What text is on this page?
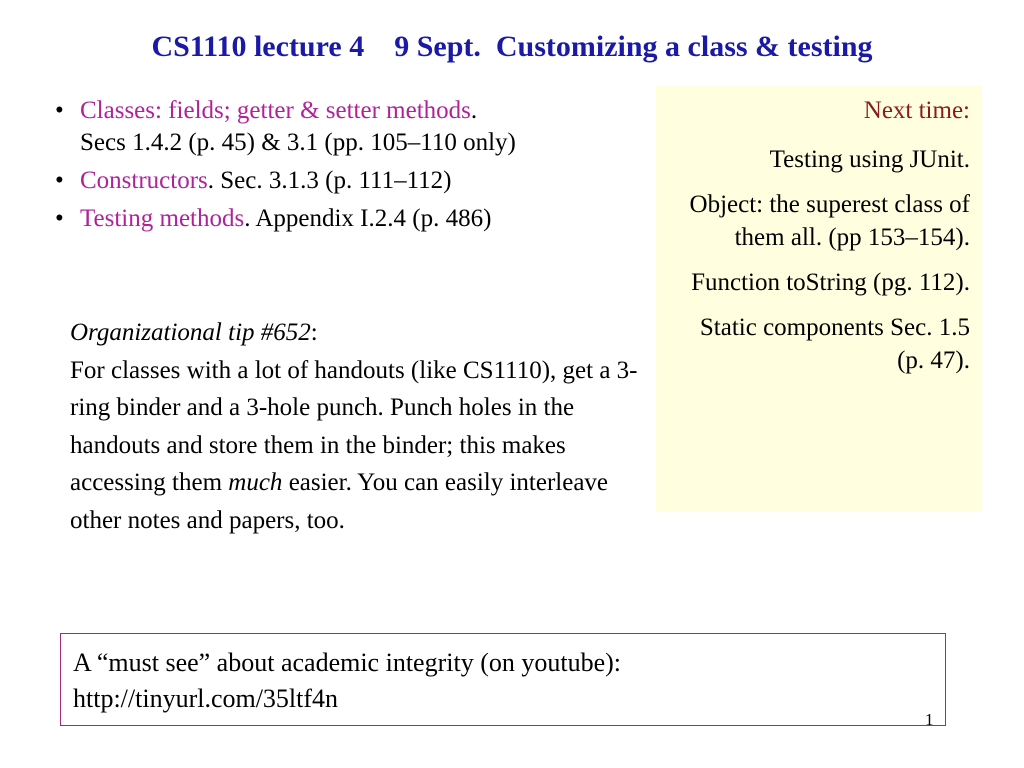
CS1110 lecture 4    9 Sept.  Customizing a class & testing
• Classes: fields; getter & setter methods.
Secs 1.4.2 (p. 45) & 3.1 (pp. 105–110 only)
• Constructors. Sec. 3.1.3 (p. 111–112)
• Testing methods. Appendix I.2.4 (p. 486)
Organizational tip #652:
For classes with a lot of handouts (like CS1110), get a 3-ring binder and a 3-hole punch. Punch holes in the handouts and store them in the binder; this makes accessing them much easier. You can easily interleave other notes and papers, too.

Next time:

Testing using JUnit.

Object: the superest class of them all. (pp 153–154).

Function toString (pg. 112).

Static components Sec. 1.5 (p. 47).

A “must see” about academic integrity (on youtube):
http://tinyurl.com/35ltf4n
1
